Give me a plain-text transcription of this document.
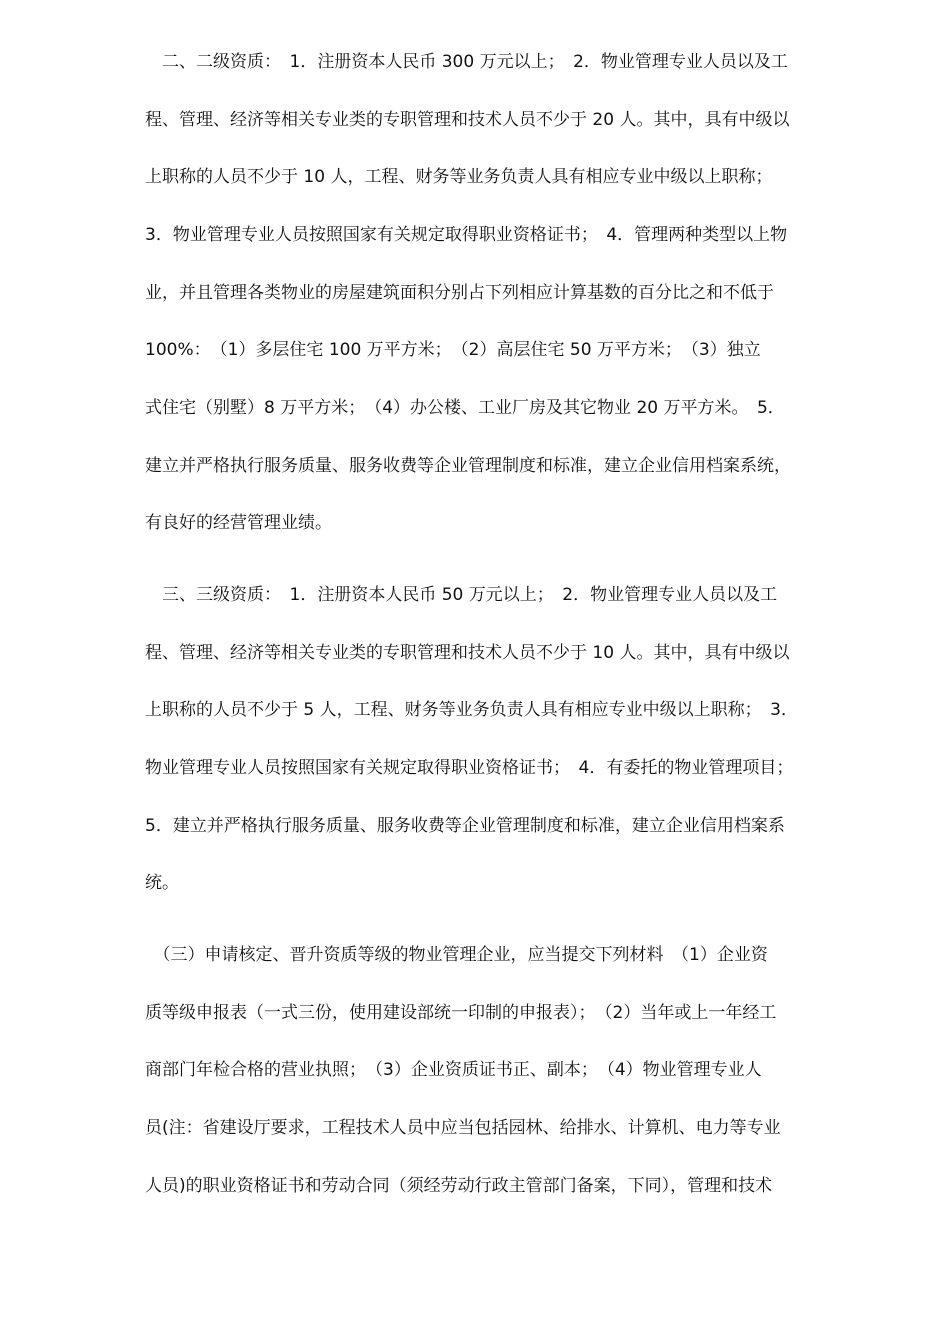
　二、二级资质：　1．注册资本人民币 300 万元以上；　2．物业管理专业人员以及工
程、管理、经济等相关专业类的专职管理和技术人员不少于 20 人。其中，具有中级以
上职称的人员不少于 10 人，工程、财务等业务负责人具有相应专业中级以上职称；
3．物业管理专业人员按照国家有关规定取得职业资格证书；　4．管理两种类型以上物
业，并且管理各类物业的房屋建筑面积分别占下列相应计算基数的百分比之和不低于
100%：　（1）多层住宅 100 万平方米；　（2）高层住宅 50 万平方米；　（3）独立
式住宅（别墅）8 万平方米；　（4）办公楼、工业厂房及其它物业 20 万平方米。　5．
建立并严格执行服务质量、服务收费等企业管理制度和标准，建立企业信用档案系统，
有良好的经营管理业绩。
　三、三级资质：　1．注册资本人民币 50 万元以上；　2．物业管理专业人员以及工
程、管理、经济等相关专业类的专职管理和技术人员不少于 10 人。其中，具有中级以
上职称的人员不少于 5 人，工程、财务等业务负责人具有相应专业中级以上职称；　3．
物业管理专业人员按照国家有关规定取得职业资格证书；　4．有委托的物业管理项目；
5．建立并严格执行服务质量、服务收费等企业管理制度和标准，建立企业信用档案系
统。
　（三）申请核定、晋升资质等级的物业管理企业，应当提交下列材料　（1）企业资
质等级申报表（一式三份，使用建设部统一印制的申报表）；　（2）当年或上一年经工
商部门年检合格的营业执照；　（3）企业资质证书正、副本；　（4）物业管理专业人
员(注：省建设厅要求，工程技术人员中应当包括园林、给排水、计算机、电力等专业
人员)的职业资格证书和劳动合同（须经劳动行政主管部门备案，下同），管理和技术
